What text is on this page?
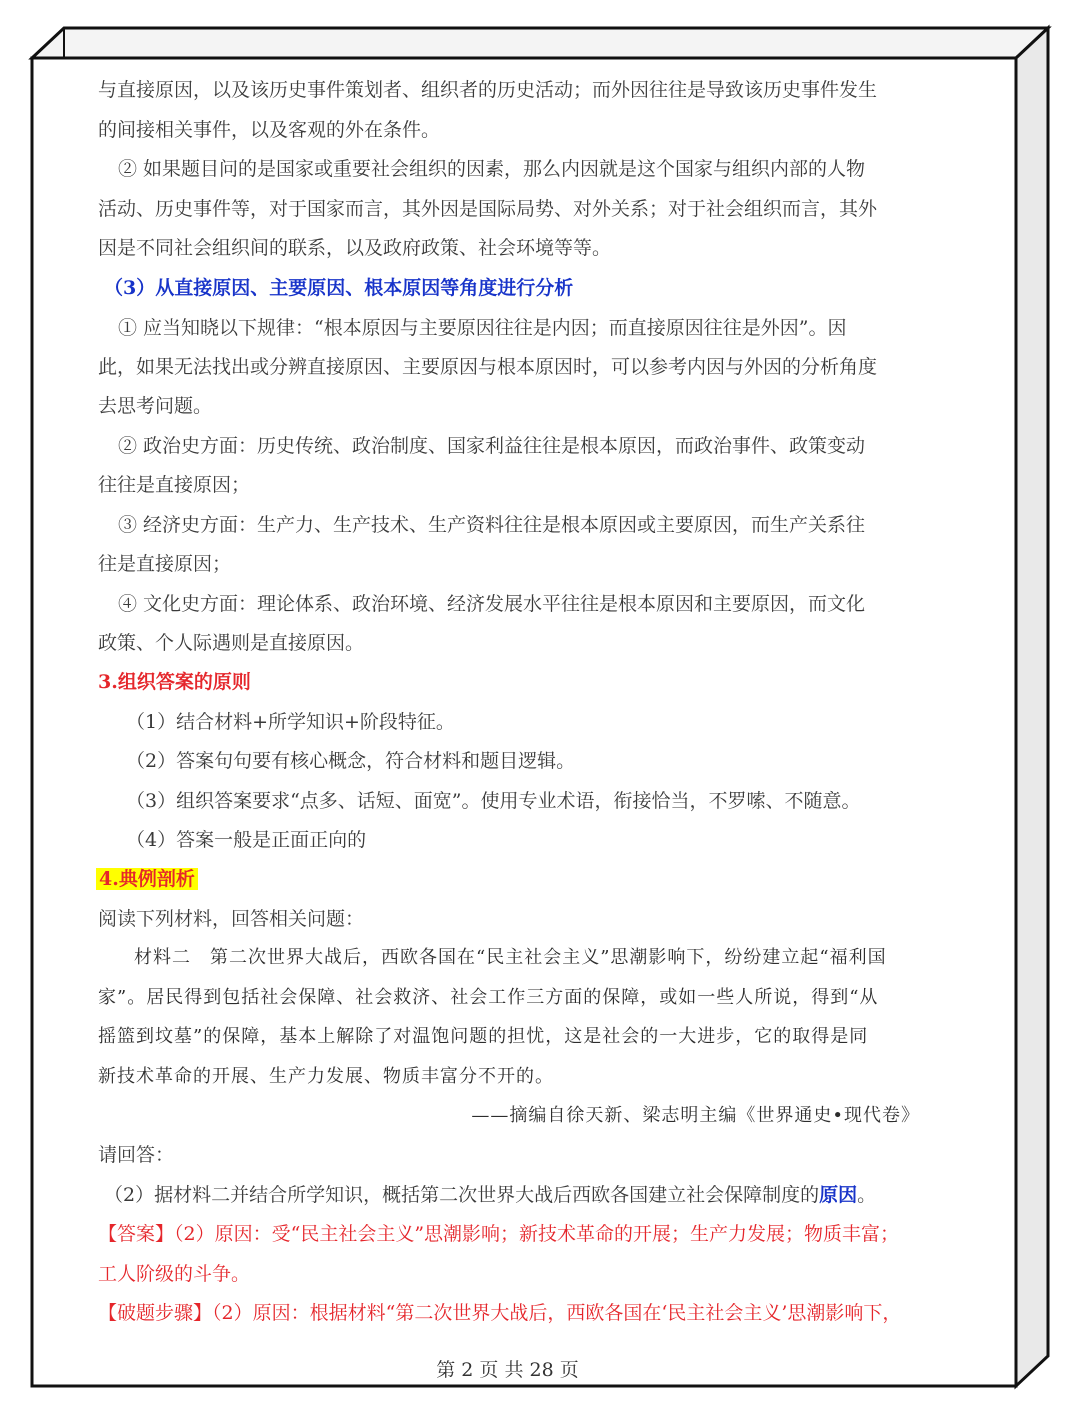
与直接原因，以及该历史事件策划者、组织者的历史活动；而外因往往是导致该历史事件发生
的间接相关事件，以及客观的外在条件。
② 如果题目问的是国家或重要社会组织的因素，那么内因就是这个国家与组织内部的人物
活动、历史事件等，对于国家而言，其外因是国际局势、对外关系；对于社会组织而言，其外
因是不同社会组织间的联系，以及政府政策、社会环境等等。
（3）从直接原因、主要原因、根本原因等角度进行分析
① 应当知晓以下规律：“根本原因与主要原因往往是内因；而直接原因往往是外因”。因
此，如果无法找出或分辨直接原因、主要原因与根本原因时，可以参考内因与外因的分析角度
去思考问题。
② 政治史方面：历史传统、政治制度、国家利益往往是根本原因，而政治事件、政策变动
往往是直接原因；
③ 经济史方面：生产力、生产技术、生产资料往往是根本原因或主要原因，而生产关系往
往是直接原因；
④ 文化史方面：理论体系、政治环境、经济发展水平往往是根本原因和主要原因，而文化
政策、个人际遇则是直接原因。
3.组织答案的原则
（1）结合材料+所学知识+阶段特征。
（2）答案句句要有核心概念，符合材料和题目逻辑。
（3）组织答案要求“点多、话短、面宽”。使用专业术语，衔接恰当，不罗嗦、不随意。
（4）答案一般是正面正向的
4.典例剖析
阅读下列材料，回答相关问题：
材料二　第二次世界大战后，西欧各国在“民主社会主义”思潮影响下，纷纷建立起“福利国
家”。居民得到包括社会保障、社会救济、社会工作三方面的保障，或如一些人所说，得到“从
摇篮到坟墓”的保障，基本上解除了对温饱问题的担忧，这是社会的一大进步，它的取得是同
新技术革命的开展、生产力发展、物质丰富分不开的。
——摘编自徐天新、梁志明主编《世界通史•现代卷》
请回答：
（2）据材料二并结合所学知识，概括第二次世界大战后西欧各国建立社会保障制度的原因。
【答案】（2）原因：受“民主社会主义”思潮影响；新技术革命的开展；生产力发展；物质丰富；
工人阶级的斗争。
【破题步骤】（2）原因：根据材料“第二次世界大战后，西欧各国在‘民主社会主义’思潮影响下，
第 2 页 共 28 页
